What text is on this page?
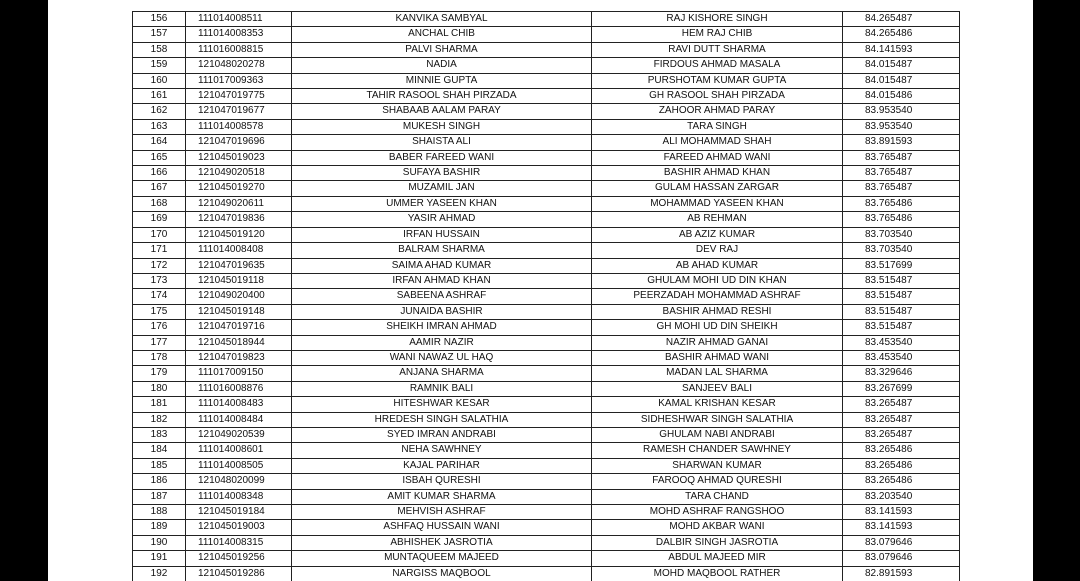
156	111014008511	KANVIKA SAMBYAL	RAJ KISHORE SINGH	84.265487
157	111014008353	ANCHAL CHIB	HEM RAJ CHIB	84.265486
158	111016008815	PALVI SHARMA	RAVI DUTT SHARMA	84.141593
159	121048020278	NADIA	FIRDOUS AHMAD MASALA	84.015487
160	111017009363	MINNIE GUPTA	PURSHOTAM KUMAR GUPTA	84.015487
161	121047019775	TAHIR RASOOL SHAH PIRZADA	GH RASOOL SHAH PIRZADA	84.015486
162	121047019677	SHABAAB AALAM PARAY	ZAHOOR AHMAD PARAY	83.953540
163	111014008578	MUKESH SINGH	TARA SINGH	83.953540
164	121047019696	SHAISTA ALI	ALI MOHAMMAD SHAH	83.891593
165	121045019023	BABER FAREED WANI	FAREED AHMAD WANI	83.765487
166	121049020518	SUFAYA BASHIR	BASHIR AHMAD KHAN	83.765487
167	121045019270	MUZAMIL JAN	GULAM HASSAN ZARGAR	83.765487
168	121049020611	UMMER YASEEN KHAN	MOHAMMAD YASEEN KHAN	83.765486
169	121047019836	YASIR AHMAD	AB REHMAN	83.765486
170	121045019120	IRFAN HUSSAIN	AB AZIZ KUMAR	83.703540
171	111014008408	BALRAM SHARMA	DEV RAJ	83.703540
172	121047019635	SAIMA AHAD KUMAR	AB AHAD KUMAR	83.517699
173	121045019118	IRFAN AHMAD KHAN	GHULAM MOHI UD DIN KHAN	83.515487
174	121049020400	SABEENA ASHRAF	PEERZADAH MOHAMMAD ASHRAF	83.515487
175	121045019148	JUNAIDA BASHIR	BASHIR AHMAD RESHI	83.515487
176	121047019716	SHEIKH IMRAN AHMAD	GH MOHI UD DIN SHEIKH	83.515487
177	121045018944	AAMIR NAZIR	NAZIR AHMAD GANAI	83.453540
178	121047019823	WANI NAWAZ UL HAQ	BASHIR AHMAD WANI	83.453540
179	111017009150	ANJANA SHARMA	MADAN LAL SHARMA	83.329646
180	111016008876	RAMNIK BALI	SANJEEV BALI	83.267699
181	111014008483	HITESHWAR KESAR	KAMAL KRISHAN KESAR	83.265487
182	111014008484	HREDESH SINGH SALATHIA	SIDHESHWAR SINGH SALATHIA	83.265487
183	121049020539	SYED IMRAN ANDRABI	GHULAM NABI ANDRABI	83.265487
184	111014008601	NEHA SAWHNEY	RAMESH CHANDER SAWHNEY	83.265486
185	111014008505	KAJAL PARIHAR	SHARWAN KUMAR	83.265486
186	121048020099	ISBAH QURESHI	FAROOQ AHMAD QURESHI	83.265486
187	111014008348	AMIT KUMAR SHARMA	TARA CHAND	83.203540
188	121045019184	MEHVISH ASHRAF	MOHD ASHRAF RANGSHOO	83.141593
189	121045019003	ASHFAQ HUSSAIN WANI	MOHD AKBAR WANI	83.141593
190	111014008315	ABHISHEK JASROTIA	DALBIR SINGH JASROTIA	83.079646
191	121045019256	MUNTAQUEEM MAJEED	ABDUL MAJEED MIR	83.079646
192	121045019286	NARGISS MAQBOOL	MOHD MAQBOOL RATHER	82.891593
